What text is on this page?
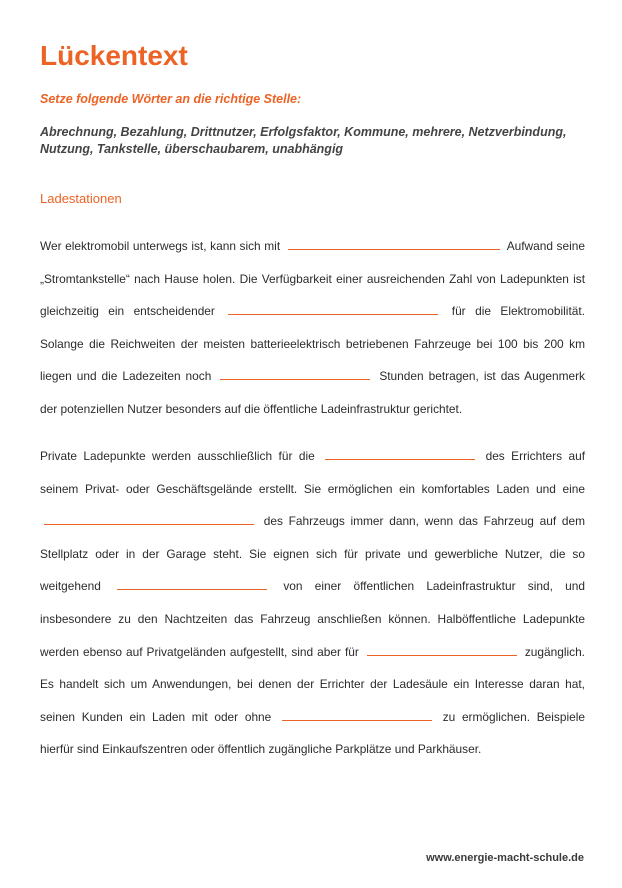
Lückentext
Setze folgende Wörter an die richtige Stelle:
Abrechnung, Bezahlung, Drittnutzer, Erfolgsfaktor, Kommune, mehrere, Netzverbindung, Nutzung, Tankstelle, überschaubarem, unabhängig
Ladestationen

Wer elektromobil unterwegs ist, kann sich mit	Aufwand seine „Stromtankstelle“ nach Hause holen. Die Verfügbarkeit einer ausreichenden Zahl von Ladepunkten ist gleichzeitig ein entscheidender	für die Elektromobilität. Solange die Reichweiten der meisten batterieelektrisch betriebenen Fahrzeuge bei 100 bis 200 km liegen und die Ladezeiten noch	Stunden betragen, ist das Augenmerk der potenziellen Nutzer besonders auf die öffentliche Ladeinfrastruktur gerichtet.

Private Ladepunkte werden ausschließlich für die	des Errichters auf seinem Privat- oder Geschäftsgelände erstellt. Sie ermöglichen ein komfortables Laden und eine  des Fahrzeugs immer dann, wenn das Fahrzeug auf dem Stellplatz oder in der Garage steht. Sie eignen sich für private und gewerbliche Nutzer, die so weitgehend	von einer öffentlichen Ladeinfrastruktur sind, und insbesondere zu den Nachtzeiten das Fahrzeug anschließen können. Halböffentliche Ladepunkte werden ebenso auf Privatgeländen aufgestellt, sind aber für	zugänglich. Es handelt sich um Anwendungen, bei denen der Errichter der Ladesäule ein Interesse daran hat, seinen Kunden ein Laden mit oder ohne	zu ermöglichen. Beispiele hierfür sind Einkaufszentren oder öffentlich zugängliche Parkplätze und Parkhäuser.

www.energie-macht-schule.de
